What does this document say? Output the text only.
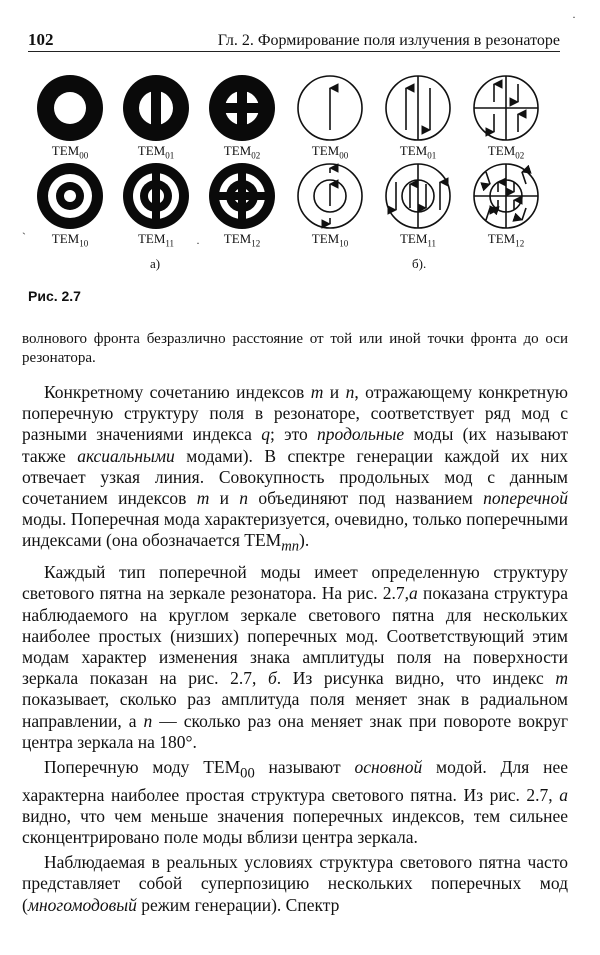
102	Гл. 2. Формирование поля излучения в резонаторе
·
$TEM_{00}$	$TEM_{01}$	$TEM_{02}$
$TEM_{10}$	$TEM_{11}$	$TEM_{12}$
$TEM_{00}$	$TEM_{01}$	$TEM_{02}$
$TEM_{10}$	$TEM_{11}$	$TEM_{12}$
`	·
а)	б).
Рис. 2.7

волнового фронта безразлично расстояние от той или иной точки фронта до оси резонатора.

Конкретному сочетанию индексов m и n, отражающему конкретную поперечную структуру поля в резонаторе, соответствует ряд мод с разными значениями индекса q; это продольные моды (их называют также аксиальными модами). В спектре генерации каждой их них отвечает узкая линия. Совокупность продольных мод с данным сочетанием индексов m и n объединяют под названием поперечной моды. Поперечная мода характеризуется, очевидно, только поперечными индексами (она обозначается $TEM_{mn}$).

Каждый тип поперечной моды имеет определенную структуру светового пятна на зеркале резонатора. На рис. 2.7,а показана структура наблюдаемого на круглом зеркале светового пятна для нескольких наиболее простых (низших) поперечных мод. Соответствующий этим модам характер изменения знака амплитуды поля на поверхности зеркала показан на рис. 2.7, б. Из рисунка видно, что индекс m показывает, сколько раз амплитуда поля меняет знак в радиальном направлении, а n — сколько раз она меняет знак при повороте вокруг центра зеркала на 180°.

Поперечную моду $TEM_{00}$ называют основной модой. Для нее характерна наиболее простая структура светового пятна. Из рис. 2.7, а видно, что чем меньше значения поперечных индексов, тем сильнее сконцентрировано поле моды вблизи центра зеркала.

Наблюдаемая в реальных условиях структура светового пятна часто представляет собой суперпозицию нескольких поперечных мод (многомодовый режим генерации). Спектр
